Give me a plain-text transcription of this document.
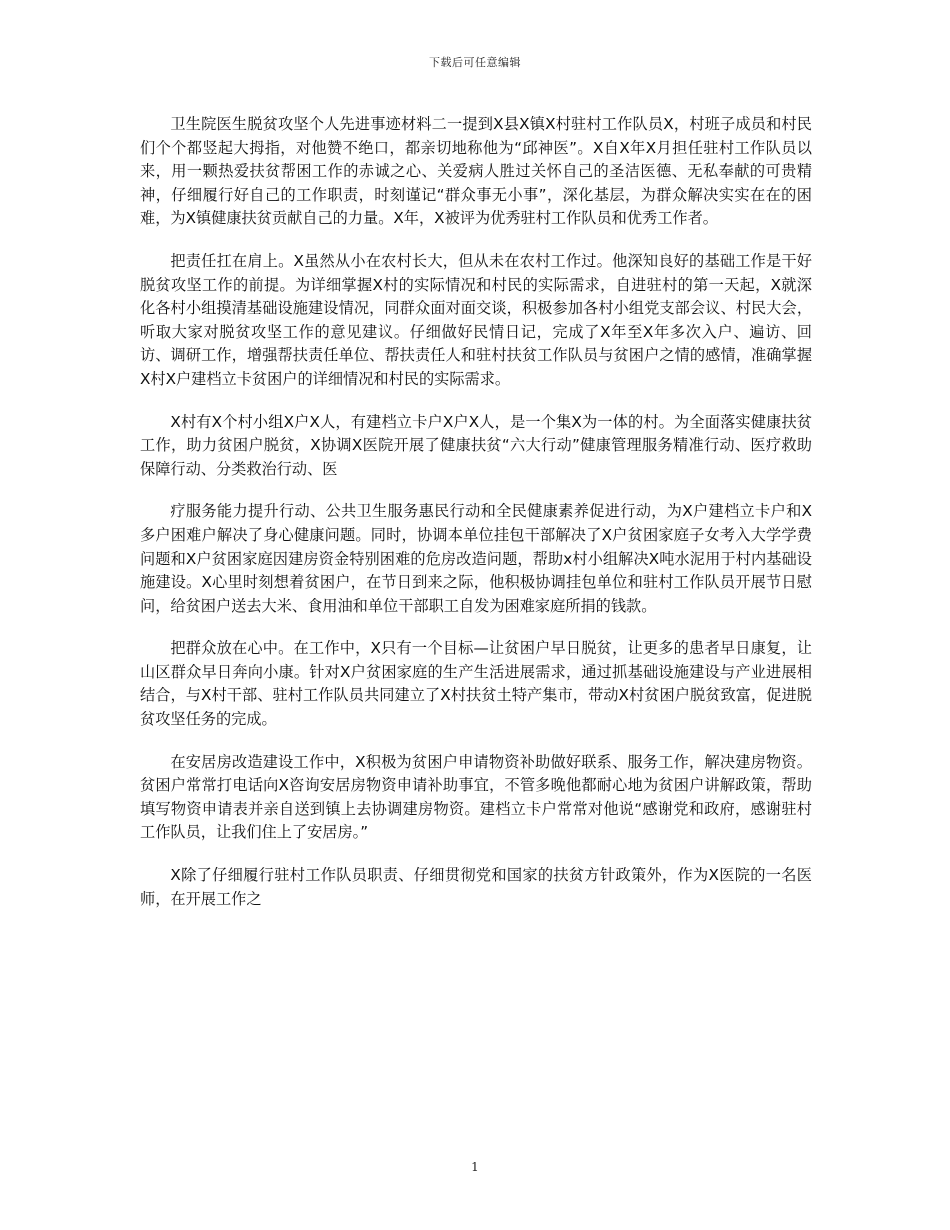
下载后可任意编辑

卫生院医生脱贫攻坚个人先进事迹材料二一提到X县X镇X村驻村工作队员X，村班子成员和村民们个个都竖起大拇指，对他赞不绝口，都亲切地称他为“邱神医”。X自X年X月担任驻村工作队员以来，用一颗热爱扶贫帮困工作的赤诚之心、关爱病人胜过关怀自己的圣洁医德、无私奉献的可贵精神，仔细履行好自己的工作职责，时刻谨记“群众事无小事”，深化基层，为群众解决实实在在的困难，为X镇健康扶贫贡献自己的力量。X年，X被评为优秀驻村工作队员和优秀工作者。

把责任扛在肩上。X虽然从小在农村长大，但从未在农村工作过。他深知良好的基础工作是干好脱贫攻坚工作的前提。为详细掌握X村的实际情况和村民的实际需求，自进驻村的第一天起，X就深化各村小组摸清基础设施建设情况，同群众面对面交谈，积极参加各村小组党支部会议、村民大会，听取大家对脱贫攻坚工作的意见建议。仔细做好民情日记，完成了X年至X年多次入户、遍访、回访、调研工作，增强帮扶责任单位、帮扶责任人和驻村扶贫工作队员与贫困户之情的感情，准确掌握X村X户建档立卡贫困户的详细情况和村民的实际需求。

X村有X个村小组X户X人，有建档立卡户X户X人，是一个集X为一体的村。为全面落实健康扶贫工作，助力贫困户脱贫，X协调X医院开展了健康扶贫“六大行动”健康管理服务精准行动、医疗救助保障行动、分类救治行动、医

疗服务能力提升行动、公共卫生服务惠民行动和全民健康素养促进行动，为X户建档立卡户和X多户困难户解决了身心健康问题。同时，协调本单位挂包干部解决了X户贫困家庭子女考入大学学费问题和X户贫困家庭因建房资金特别困难的危房改造问题，帮助x村小组解决X吨水泥用于村内基础设施建设。X心里时刻想着贫困户，在节日到来之际，他积极协调挂包单位和驻村工作队员开展节日慰问，给贫困户送去大米、食用油和单位干部职工自发为困难家庭所捐的钱款。

把群众放在心中。在工作中，X只有一个目标—让贫困户早日脱贫，让更多的患者早日康复，让山区群众早日奔向小康。针对X户贫困家庭的生产生活进展需求，通过抓基础设施建设与产业进展相结合，与X村干部、驻村工作队员共同建立了X村扶贫土特产集市，带动X村贫困户脱贫致富，促进脱贫攻坚任务的完成。

在安居房改造建设工作中，X积极为贫困户申请物资补助做好联系、服务工作，解决建房物资。贫困户常常打电话向X咨询安居房物资申请补助事宜，不管多晚他都耐心地为贫困户讲解政策，帮助填写物资申请表并亲自送到镇上去协调建房物资。建档立卡户常常对他说“感谢党和政府，感谢驻村工作队员，让我们住上了安居房。”

X除了仔细履行驻村工作队员职责、仔细贯彻党和国家的扶贫方针政策外，作为X医院的一名医师，在开展工作之

1
